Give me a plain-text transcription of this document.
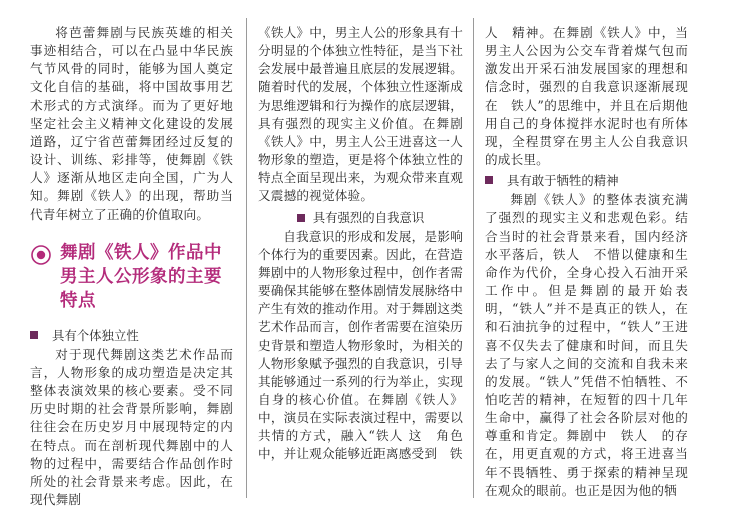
将芭蕾舞剧与民族英雄的相关事迹相结合，可以在凸显中华民族气节风骨的同时，能够为国人奠定文化自信的基础，将中国故事用艺术形式的方式演绎。而为了更好地坚定社会主义精神文化建设的发展道路，辽宁省芭蕾舞团经过反复的设计、训练、彩排等，使舞剧《铁人》逐渐从地区走向全国，广为人知。舞剧《铁人》的出现，帮助当代青年树立了正确的价值取向。

舞剧《铁人》作品中男主人公形象的主要特点
具有个体独立性

对于现代舞剧这类艺术作品而言，人物形象的成功塑造是决定其整体表演效果的核心要素。受不同历史时期的社会背景所影响，舞剧往往会在历史岁月中展现特定的内在特点。而在剖析现代舞剧中的人物的过程中，需要结合作品创作时所处的社会背景来考虑。因此，在现代舞剧

《铁人》中，男主人公的形象具有十分明显的个体独立性特征，是当下社会发展中最普遍且底层的发展逻辑。随着时代的发展，个体独立性逐渐成为思维逻辑和行为操作的底层逻辑，具有强烈的现实主义价值。在舞剧《铁人》中，男主人公王进喜这一人物形象的塑造，更是将个体独立性的特点全面呈现出来，为观众带来直观又震撼的视觉体验。

具有强烈的自我意识

自我意识的形成和发展，是影响个体行为的重要因素。因此，在营造舞剧中的人物形象过程中，创作者需要确保其能够在整体剧情发展脉络中产生有效的推动作用。对于舞剧这类艺术作品而言，创作者需要在渲染历史背景和塑造人物形象时，为相关的人物形象赋予强烈的自我意识，引导其能够通过一系列的行为举止，实现自身的核心价值。在舞剧《铁人》中，演员在实际表演过程中，需要以共情的方式，融入“铁人 这　角色中，并让观众能够近距离感受到　铁

人　精神。在舞剧《铁人》中，当男主人公因为公交车背着煤气包而激发出开采石油发展国家的理想和信念时，强烈的自我意识逐渐展现在　铁人”的思维中，并且在后期他用自己的身体搅拌水泥时也有所体现，全程贯穿在男主人公自我意识的成长里。

具有敢于牺牲的精神

舞剧《铁人》的整体表演充满了强烈的现实主义和悲观色彩。结合当时的社会背景来看，国内经济水平落后，铁人　不惜以健康和生命作为代价，全身心投入石油开采工作中。但是舞剧的最开始表明，“铁人”并不是真正的铁人，在和石油抗争的过程中，“铁人”王进喜不仅失去了健康和时间，而且失去了与家人之间的交流和自我未来的发展。“铁人”凭借不怕牺牲、不怕吃苦的精神，在短暂的四十几年生命中，赢得了社会各阶层对他的尊重和肯定。舞剧中　铁人　的存在，用更直观的方式，将王进喜当年不畏牺牲、勇于探索的精神呈现在观众的眼前。也正是因为他的牺
